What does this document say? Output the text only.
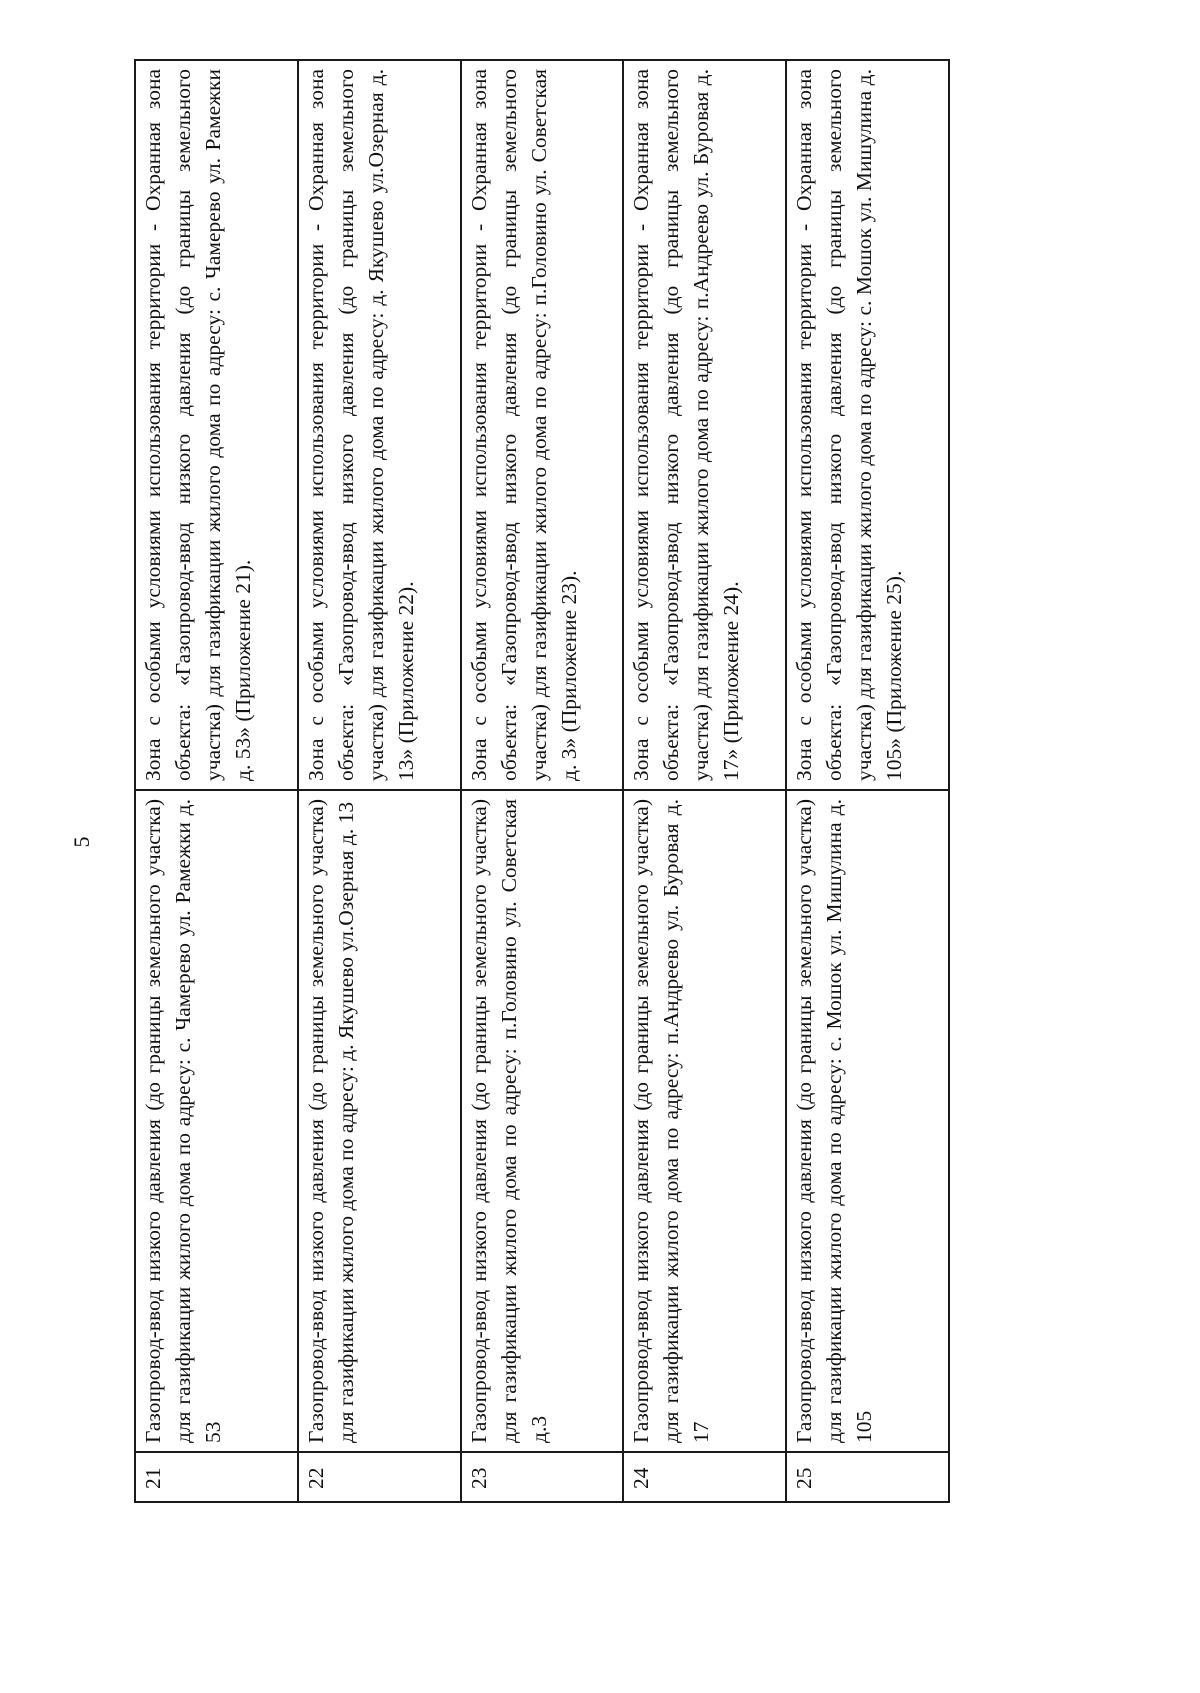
5
21	Газопровод-ввод низкого давления (до границы земельного участка) для газификации жилого дома по адресу: с. Чамерево ул. Рамежки д. 53	Зона с особыми условиями использования территории - Охранная зона объекта: «Газопровод-ввод низкого давления (до границы земельного участка) для газификации жилого дома по адресу: с. Чамерево ул. Рамежки д. 53» (Приложение 21).
22	Газопровод-ввод низкого давления (до границы земельного участка) для газификации жилого дома по адресу: д. Якушево ул.Озерная д. 13	Зона с особыми условиями использования территории - Охранная зона объекта: «Газопровод-ввод низкого давления (до границы земельного участка) для газификации жилого дома по адресу: д. Якушево ул.Озерная д. 13» (Приложение 22).
23	Газопровод-ввод низкого давления (до границы земельного участка) для газификации жилого дома по адресу: п.Головино ул. Советская д.3	Зона с особыми условиями использования территории - Охранная зона объекта: «Газопровод-ввод низкого давления (до границы земельного участка) для газификации жилого дома по адресу: п.Головино ул. Советская д. 3» (Приложение 23).
24	Газопровод-ввод низкого давления (до границы земельного участка) для газификации жилого дома по адресу: п.Андреево ул. Буровая д. 17	Зона с особыми условиями использования территории - Охранная зона объекта: «Газопровод-ввод низкого давления (до границы земельного участка) для газификации жилого дома по адресу: п.Андреево ул. Буровая д. 17» (Приложение 24).
25	Газопровод-ввод низкого давления (до границы земельного участка) для газификации жилого дома по адресу: с. Мошок ул. Мишулина д. 105	Зона с особыми условиями использования территории - Охранная зона объекта: «Газопровод-ввод низкого давления (до границы земельного участка) для газификации жилого дома по адресу: с. Мошок ул. Мишулина д. 105» (Приложение 25).
